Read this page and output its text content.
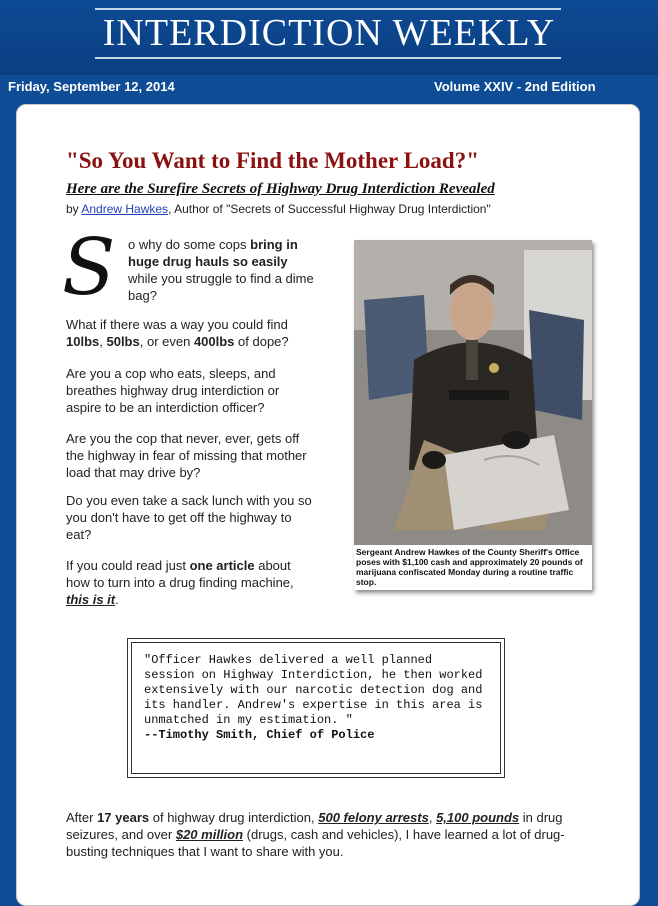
INTERDICTION WEEKLY
Friday, September 12, 2014	Volume XXIV - 2nd Edition
"So You Want to Find the Mother Load?"
Here are the Surefire Secrets of Highway Drug Interdiction Revealed
by Andrew Hawkes, Author of "Secrets of Successful Highway Drug Interdiction"
S o why do some cops bring in huge drug hauls so easily while you struggle to find a dime bag?

What if there was a way you could find 10lbs, 50lbs, or even 400lbs of dope?

Are you a cop who eats, sleeps, and breathes highway drug interdiction or aspire to be an interdiction officer?

Are you the cop that never, ever, gets off the highway in fear of missing that mother load that may drive by?

Do you even take a sack lunch with you so you don't have to get off the highway to eat?

If you could read just one article about how to turn into a drug finding machine, this is it.

Sergeant Andrew Hawkes of the County Sheriff's Office poses with $1,100 cash and approximately 20 pounds of marijuana confiscated Monday during a routine traffic stop.

"Officer Hawkes delivered a well planned session on Highway Interdiction, he then worked extensively with our narcotic detection dog and its handler. Andrew's expertise in this area is unmatched in my estimation. "

--Timothy Smith, Chief of Police

After 17 years of highway drug interdiction, 500 felony arrests, 5,100 pounds in drug seizures, and over $20 million (drugs, cash and vehicles), I have learned a lot of drug-busting techniques that I want to share with you.
